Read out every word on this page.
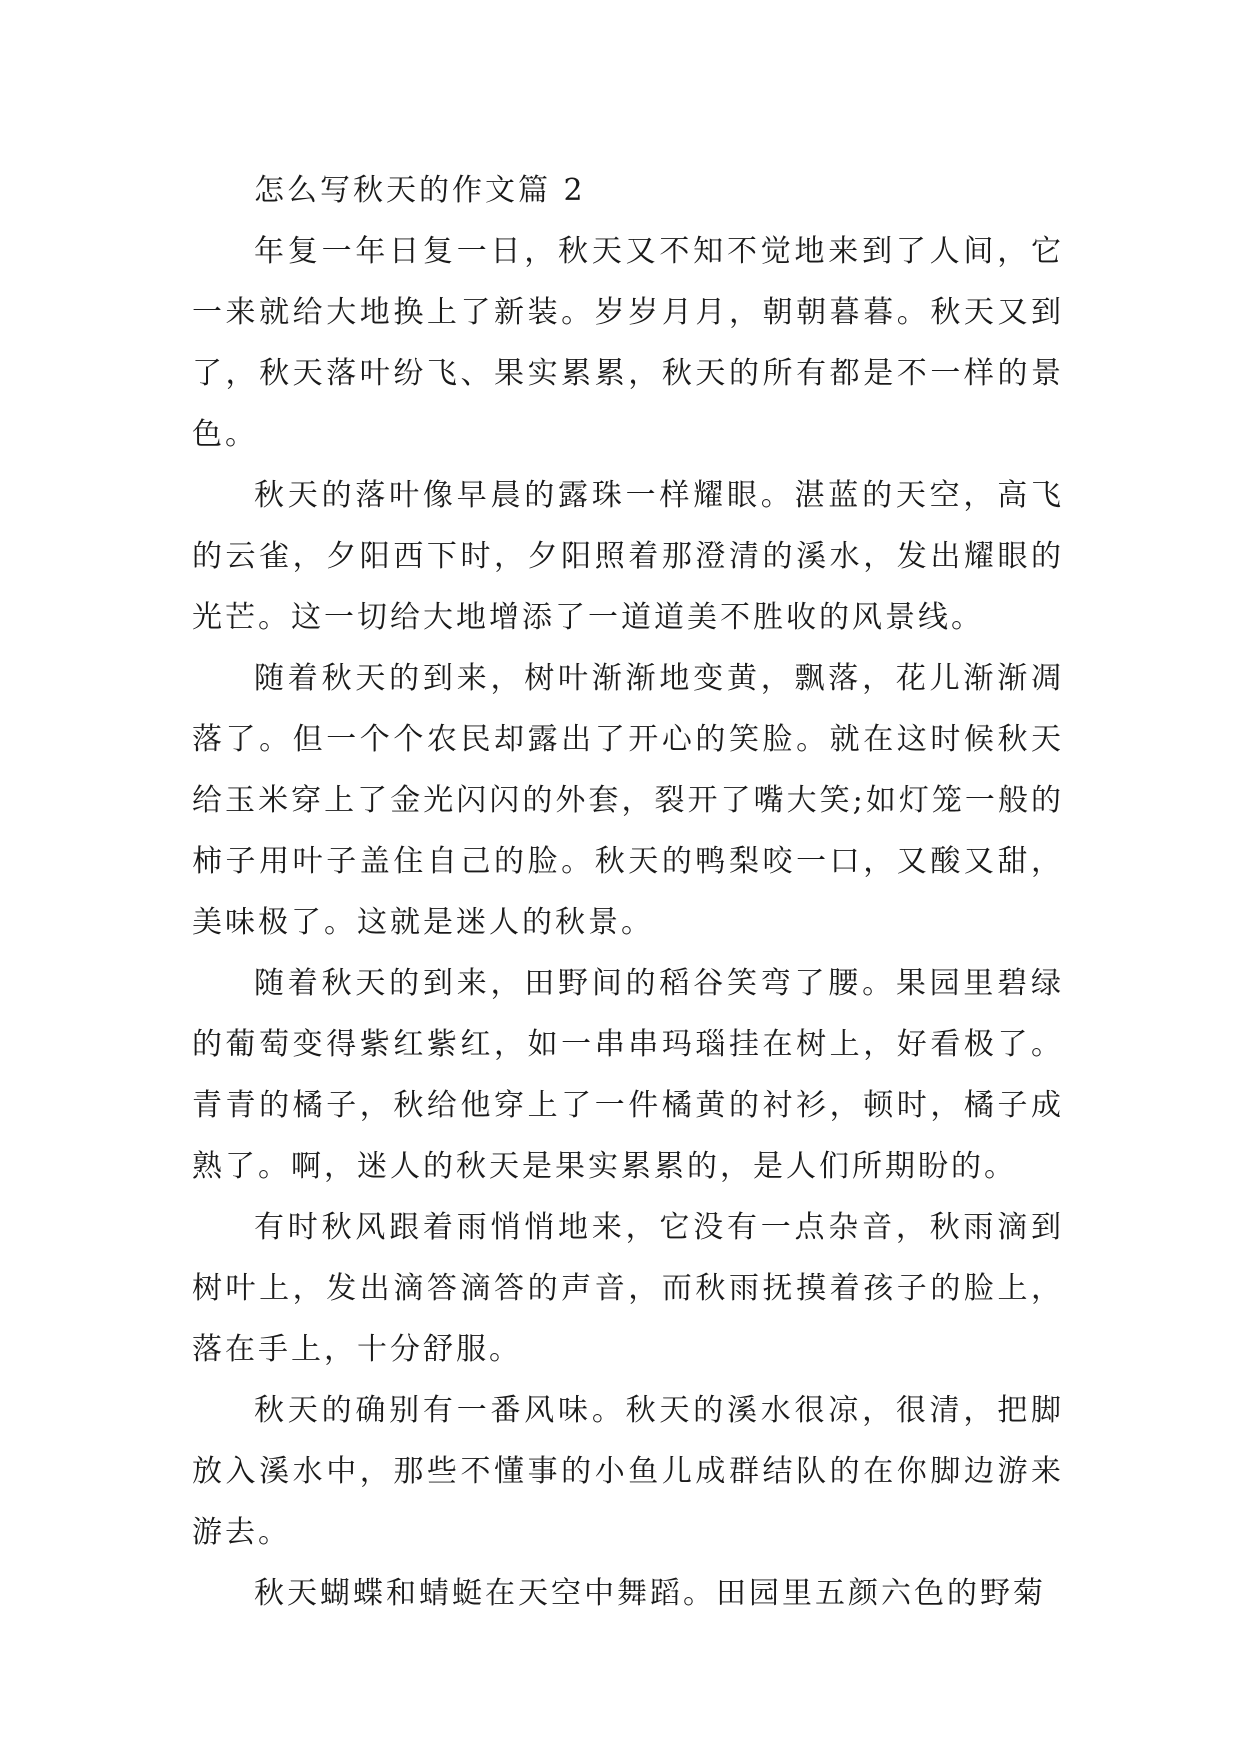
怎么写秋天的作文篇 2

年复一年日复一日，秋天又不知不觉地来到了人间，它一来就给大地换上了新装。岁岁月月，朝朝暮暮。秋天又到了，秋天落叶纷飞、果实累累，秋天的所有都是不一样的景色。

秋天的落叶像早晨的露珠一样耀眼。湛蓝的天空，高飞的云雀，夕阳西下时，夕阳照着那澄清的溪水，发出耀眼的光芒。这一切给大地增添了一道道美不胜收的风景线。

随着秋天的到来，树叶渐渐地变黄，飘落，花儿渐渐凋落了。但一个个农民却露出了开心的笑脸。就在这时候秋天给玉米穿上了金光闪闪的外套，裂开了嘴大笑;如灯笼一般的柿子用叶子盖住自己的脸。秋天的鸭梨咬一口，又酸又甜，美味极了。这就是迷人的秋景。

随着秋天的到来，田野间的稻谷笑弯了腰。果园里碧绿的葡萄变得紫红紫红，如一串串玛瑙挂在树上，好看极了。青青的橘子，秋给他穿上了一件橘黄的衬衫，顿时，橘子成熟了。啊，迷人的秋天是果实累累的，是人们所期盼的。

有时秋风跟着雨悄悄地来，它没有一点杂音，秋雨滴到树叶上，发出滴答滴答的声音，而秋雨抚摸着孩子的脸上，落在手上，十分舒服。

秋天的确别有一番风味。秋天的溪水很凉，很清，把脚放入溪水中，那些不懂事的小鱼儿成群结队的在你脚边游来游去。

秋天蝴蝶和蜻蜓在天空中舞蹈。田园里五颜六色的野菊
